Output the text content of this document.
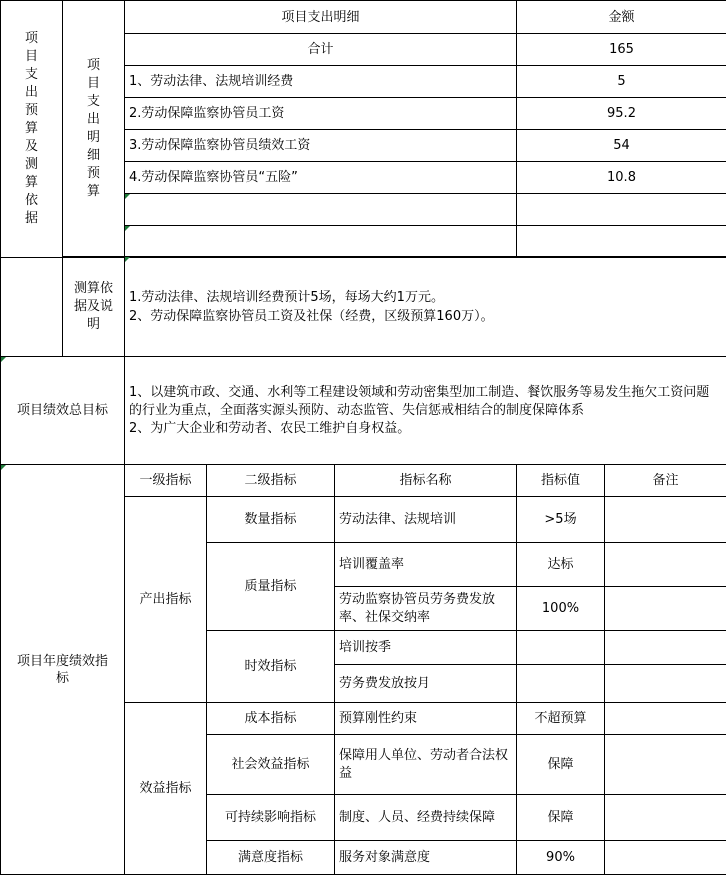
项目支出预算及测算依据	项目支出明细预算	项目支出明细	金额
		合计	165
		1、劳动法律、法规培训经费	5
		2.劳动保障监察协管员工资	95.2
		3.劳动保障监察协管员绩效工资	54
		4.劳动保障监察协管员“五险”	10.8

测算依据及说明

1.劳动法律、法规培训经费预计5场，每场大约1万元。
2、劳动保障监察协管员工资及社保（经费，区级预算160万）。
项目绩效总目标	
1、以建筑市政、交通、水利等工程建设领域和劳动密集型加工制造、餐饮服务等易发生拖欠工资问题的行业为重点，全面落实源头预防、动态监管、失信惩戒相结合的制度保障体系
2、为广大企业和劳动者、农民工维护自身权益。
项目年度绩效指标	一级指标	二级指标	指标名称	指标值	备注
	产出指标	数量指标	劳动法律、法规培训	>5场	
		质量指标	培训覆盖率	达标	
			劳动监察协管员劳务费发放率、社保交纳率	100%	
		时效指标	培训按季		
			劳务费发放按月		
	效益指标	成本指标	预算刚性约束	不超预算	
		社会效益指标	保障用人单位、劳动者合法权益	保障	
		可持续影响指标	制度、人员、经费持续保障	保障	
		满意度指标	服务对象满意度	90%	
